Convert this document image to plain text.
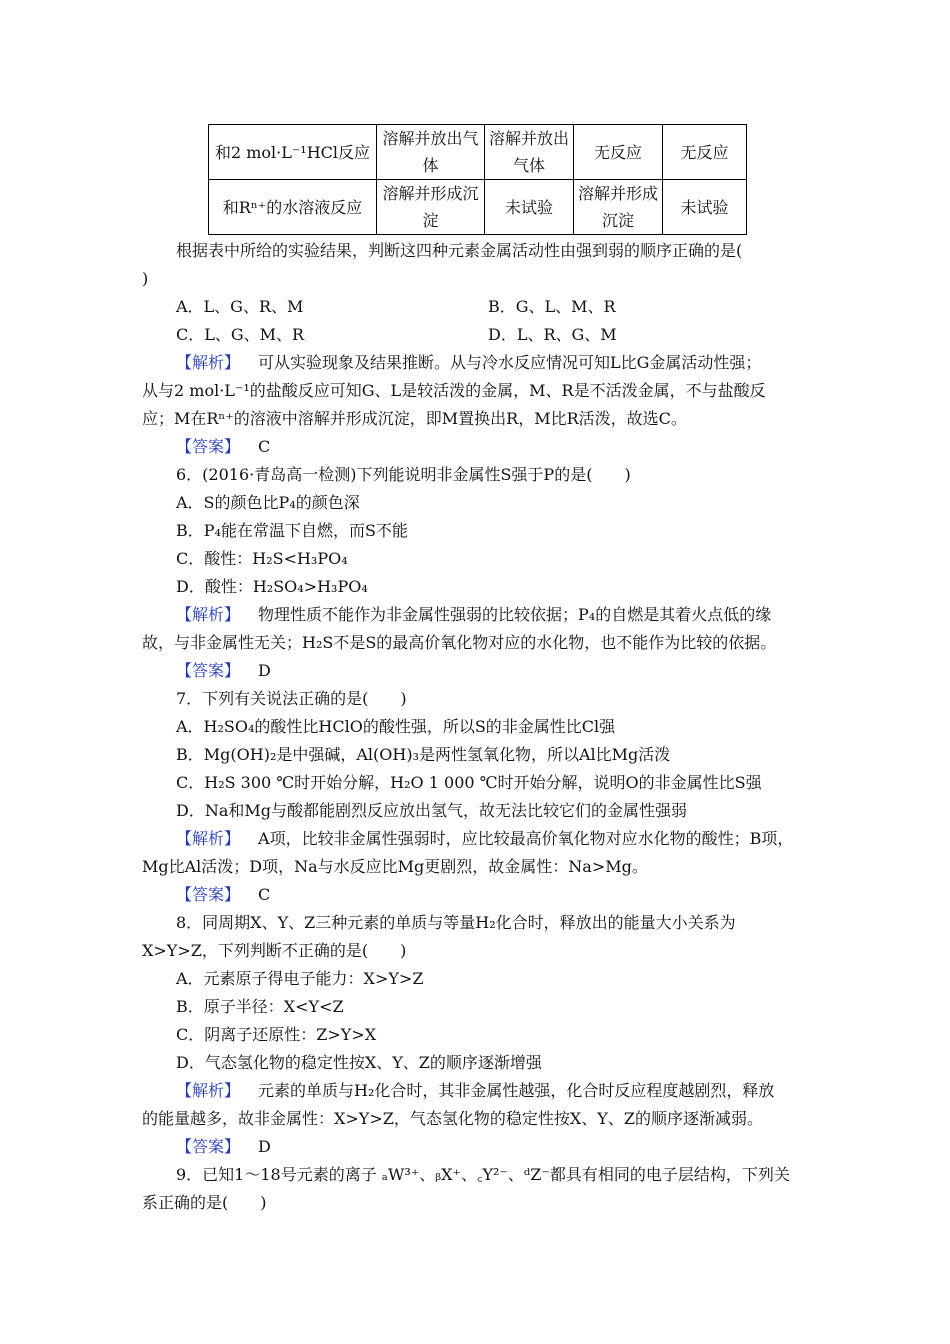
和2 mol·L⁻¹HCl反应	溶解并放出气体	溶解并放出气体	无反应	无反应
和Rⁿ⁺的水溶液反应	溶解并形成沉淀	未试验	溶解并形成沉淀	未试验
根据表中所给的实验结果，判断这四种元素金属活动性由强到弱的顺序正确的是(
)
A．L、G、R、M	B．G、L、M、R
C．L、G、M、R	D．L、R、G、M
【解析】 可从实验现象及结果推断。从与冷水反应情况可知L比G金属活动性强；
从与2 mol·L⁻¹的盐酸反应可知G、L是较活泼的金属，M、R是不活泼金属，不与盐酸反
应；M在Rⁿ⁺的溶液中溶解并形成沉淀，即M置换出R，M比R活泼，故选C。
【答案】 C
6．(2016·青岛高一检测)下列能说明非金属性S强于P的是(　　)
A．S的颜色比P₄的颜色深
B．P₄能在常温下自燃，而S不能
C．酸性：H₂S<H₃PO₄
D．酸性：H₂SO₄>H₃PO₄
【解析】 物理性质不能作为非金属性强弱的比较依据；P₄的自燃是其着火点低的缘
故，与非金属性无关；H₂S不是S的最高价氧化物对应的水化物，也不能作为比较的依据。
【答案】 D
7．下列有关说法正确的是(　　)
A．H₂SO₄的酸性比HClO的酸性强，所以S的非金属性比Cl强
B．Mg(OH)₂是中强碱，Al(OH)₃是两性氢氧化物，所以Al比Mg活泼
C．H₂S 300 ℃时开始分解，H₂O 1 000 ℃时开始分解，说明O的非金属性比S强
D．Na和Mg与酸都能剧烈反应放出氢气，故无法比较它们的金属性强弱
【解析】 A项，比较非金属性强弱时，应比较最高价氧化物对应水化物的酸性；B项，
Mg比Al活泼；D项，Na与水反应比Mg更剧烈，故金属性：Na>Mg。
【答案】 C
8．同周期X、Y、Z三种元素的单质与等量H₂化合时，释放出的能量大小关系为
X>Y>Z，下列判断不正确的是(　　)
A．元素原子得电子能力：X>Y>Z
B．原子半径：X<Y<Z
C．阴离子还原性：Z>Y>X
D．气态氢化物的稳定性按X、Y、Z的顺序逐渐增强
【解析】 元素的单质与H₂化合时，其非金属性越强，化合时反应程度越剧烈，释放
的能量越多，故非金属性：X>Y>Z，气态氢化物的稳定性按X、Y、Z的顺序逐渐减弱。
【答案】 D
9．已知1～18号元素的离子 ₐW³⁺、ᵦX⁺、꜀Y²⁻、ᵈZ⁻都具有相同的电子层结构，下列关
系正确的是(　　)
